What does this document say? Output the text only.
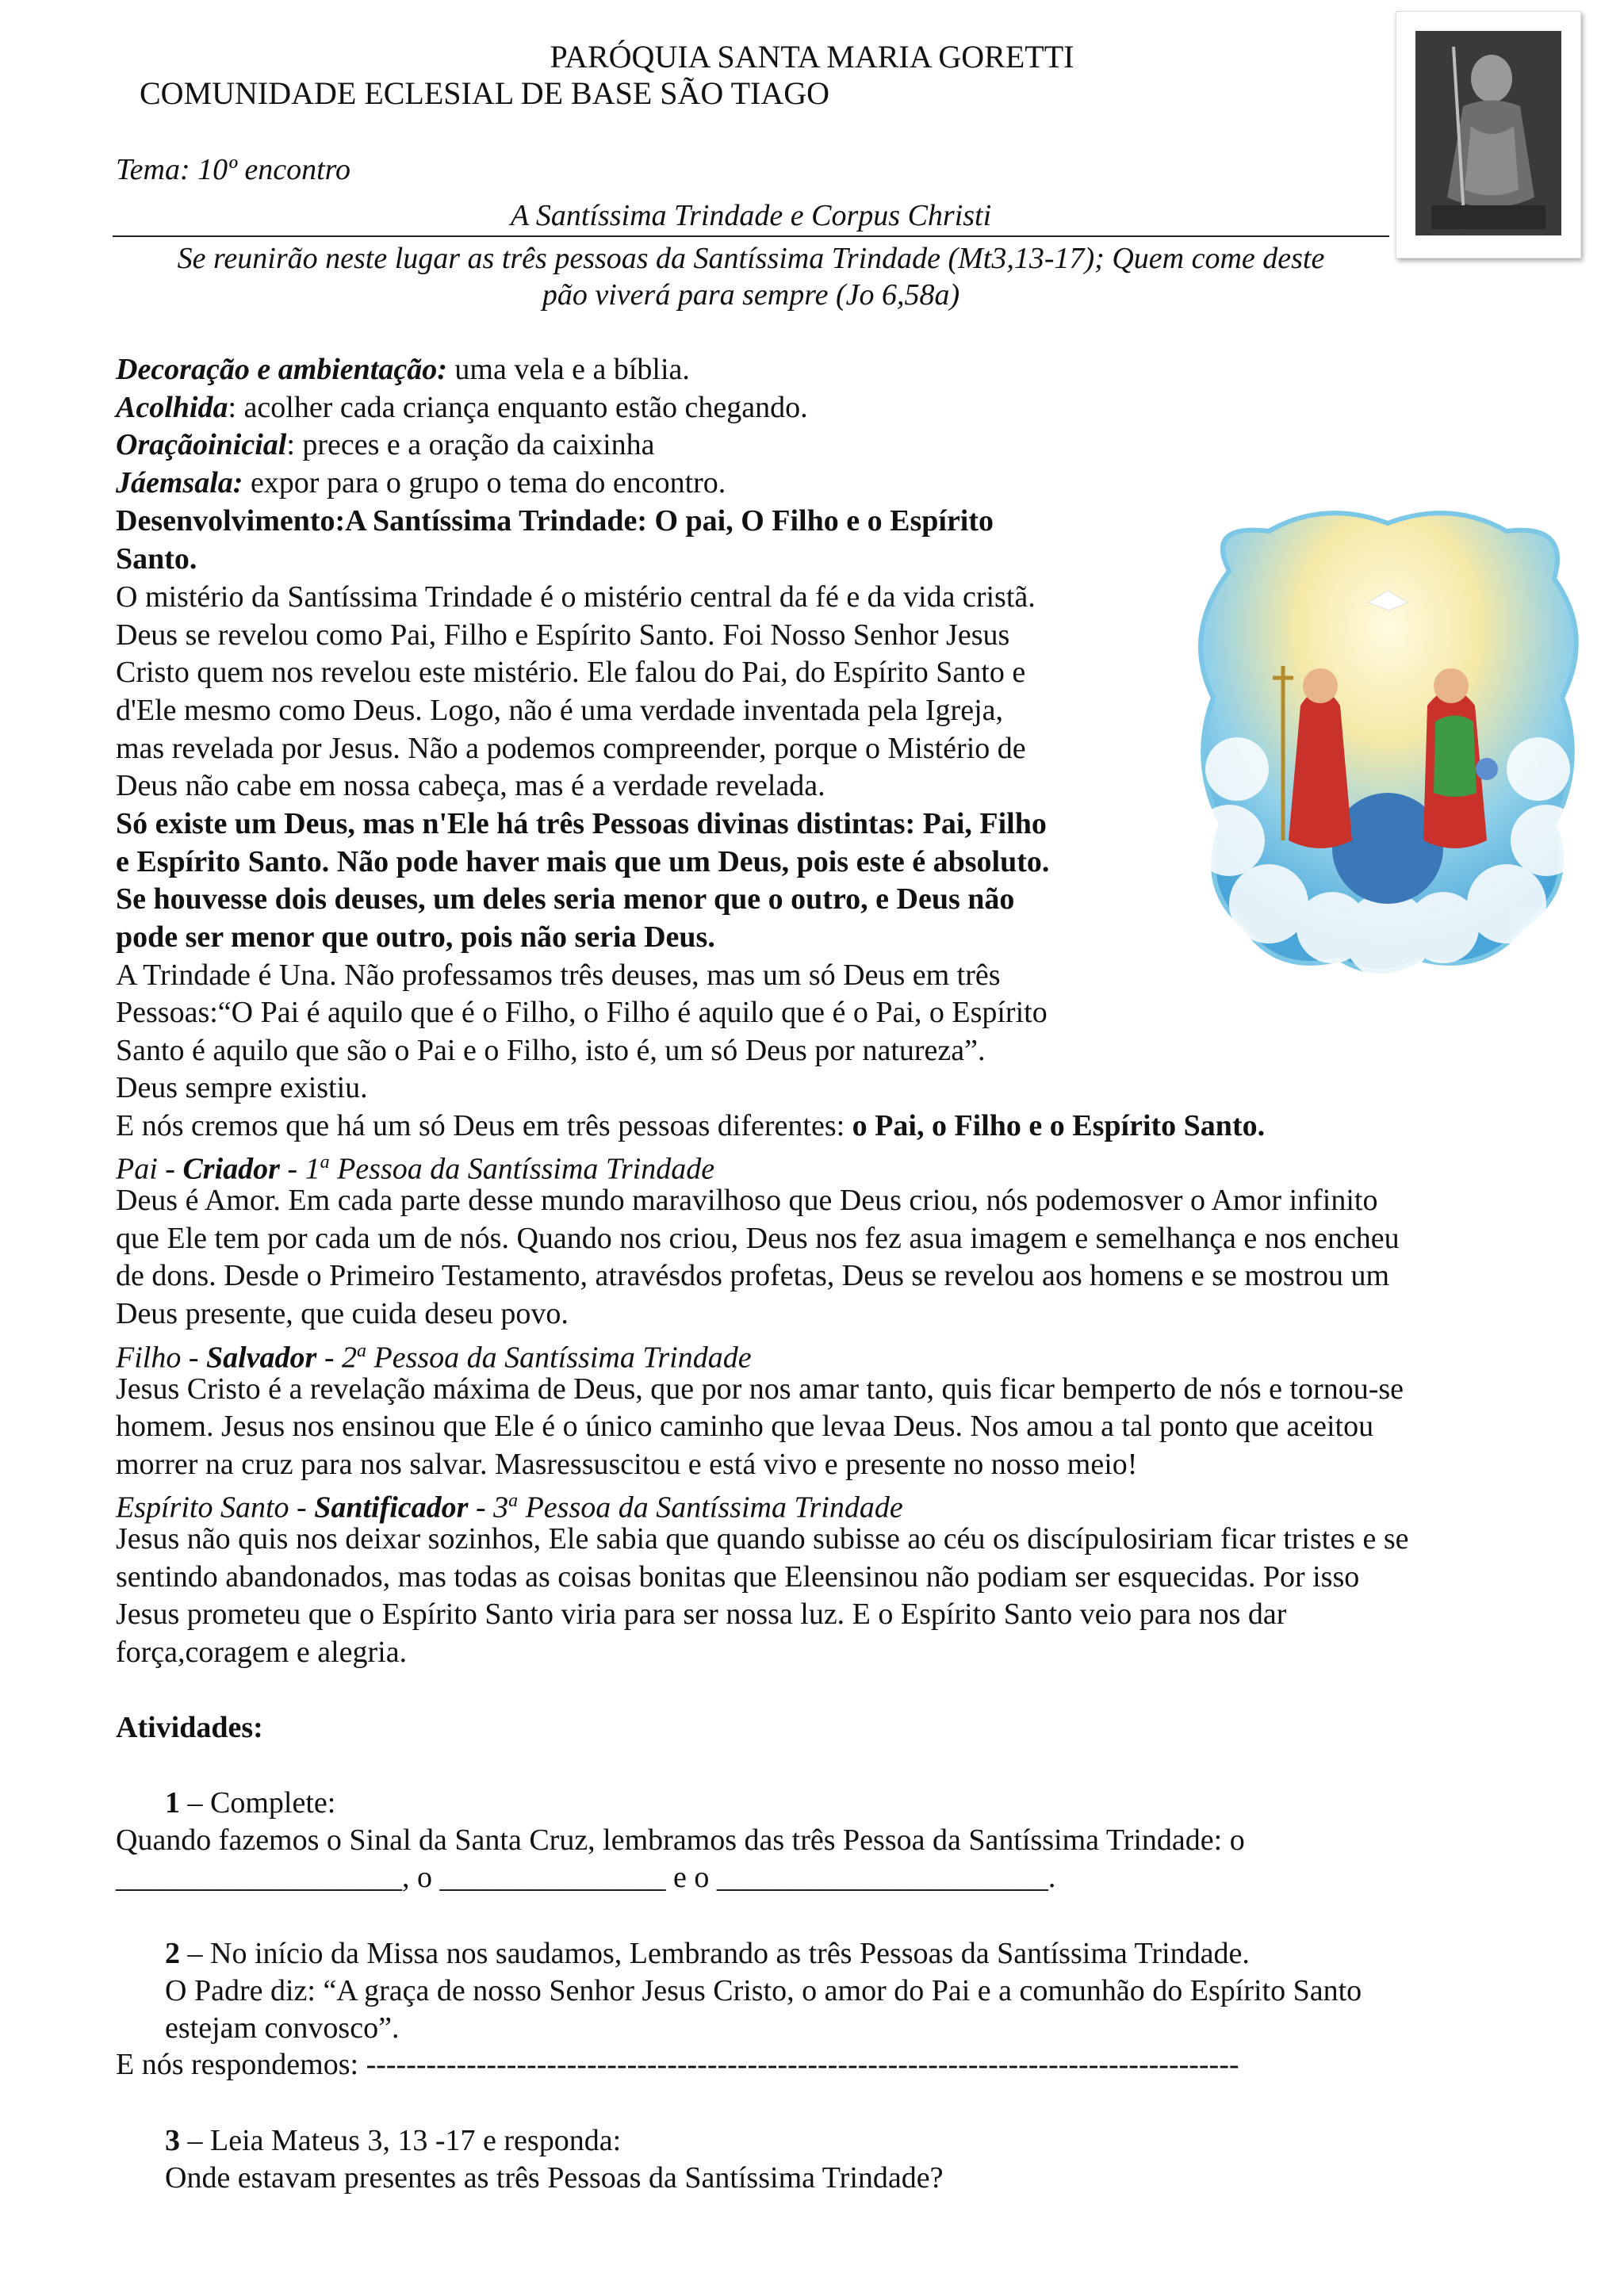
PARÓQUIA SANTA MARIA GORETTI
COMUNIDADE ECLESIAL DE BASE SÃO TIAGO
Tema: 10º encontro
A Santíssima Trindade e Corpus Christi
Se reunirão neste lugar as três pessoas da Santíssima Trindade (Mt3,13-17); Quem come deste
pão viverá para sempre (Jo 6,58a)
Decoração e ambientação: uma vela e a bíblia.
Acolhida: acolher cada criança enquanto estão chegando.
Oraçãoinicial: preces e a oração da caixinha
Jáemsala: expor para o grupo o tema do encontro.
Desenvolvimento:A Santíssima Trindade: O pai, O Filho e o Espírito
Santo.
O mistério da Santíssima Trindade é o mistério central da fé e da vida cristã.
Deus se revelou como Pai, Filho e Espírito Santo. Foi Nosso Senhor Jesus
Cristo quem nos revelou este mistério. Ele falou do Pai, do Espírito Santo e
d'Ele mesmo como Deus. Logo, não é uma verdade inventada pela Igreja,
mas revelada por Jesus. Não a podemos compreender, porque o Mistério de
Deus não cabe em nossa cabeça, mas é a verdade revelada.
Só existe um Deus, mas n'Ele há três Pessoas divinas distintas: Pai, Filho
e Espírito Santo. Não pode haver mais que um Deus, pois este é absoluto.
Se houvesse dois deuses, um deles seria menor que o outro, e Deus não
pode ser menor que outro, pois não seria Deus.
A Trindade é Una. Não professamos três deuses, mas um só Deus em três
Pessoas:“O Pai é aquilo que é o Filho, o Filho é aquilo que é o Pai, o Espírito
Santo é aquilo que são o Pai e o Filho, isto é, um só Deus por natureza”.
Deus sempre existiu.
E nós cremos que há um só Deus em três pessoas diferentes: o Pai, o Filho e o Espírito Santo.
Pai - Criador - 1$^a$ Pessoa da Santíssima Trindade
Deus é Amor. Em cada parte desse mundo maravilhoso que Deus criou, nós podemosver o Amor infinito
que Ele tem por cada um de nós. Quando nos criou, Deus nos fez asua imagem e semelhança e nos encheu
de dons. Desde o Primeiro Testamento, atravésdos profetas, Deus se revelou aos homens e se mostrou um
Deus presente, que cuida deseu povo.
Filho - Salvador - 2$^a$ Pessoa da Santíssima Trindade
Jesus Cristo é a revelação máxima de Deus, que por nos amar tanto, quis ficar bemperto de nós e tornou-se
homem. Jesus nos ensinou que Ele é o único caminho que levaa Deus. Nos amou a tal ponto que aceitou
morrer na cruz para nos salvar. Masressuscitou e está vivo e presente no nosso meio!
Espírito Santo - Santificador - 3$^a$ Pessoa da Santíssima Trindade
Jesus não quis nos deixar sozinhos, Ele sabia que quando subisse ao céu os discípulosiriam ficar tristes e se
sentindo abandonados, mas todas as coisas bonitas que Eleensinou não podiam ser esquecidas. Por isso
Jesus prometeu que o Espírito Santo viria para ser nossa luz. E o Espírito Santo veio para nos dar
força,coragem e alegria.
Atividades:
1 – Complete:
Quando fazemos o Sinal da Santa Cruz, lembramos das três Pessoa da Santíssima Trindade: o
___________________, o _______________ e o ______________________.
2 – No início da Missa nos saudamos, Lembrando as três Pessoas da Santíssima Trindade.
O Padre diz: “A graça de nosso Senhor Jesus Cristo, o amor do Pai e a comunhão do Espírito Santo
estejam convosco”.
E nós respondemos: ---------------------------------------------------------------------------------------
3 – Leia Mateus 3, 13 -17 e responda:
Onde estavam presentes as três Pessoas da Santíssima Trindade?
